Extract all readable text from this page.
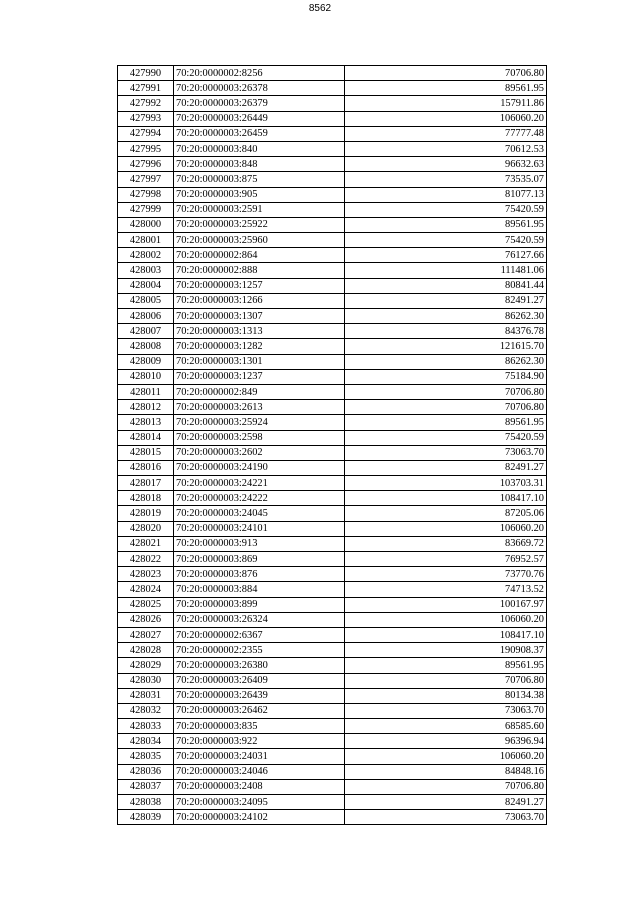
8562
427990	70:20:0000002:8256	70706.80
427991	70:20:0000003:26378	89561.95
427992	70:20:0000003:26379	157911.86
427993	70:20:0000003:26449	106060.20
427994	70:20:0000003:26459	77777.48
427995	70:20:0000003:840	70612.53
427996	70:20:0000003:848	96632.63
427997	70:20:0000003:875	73535.07
427998	70:20:0000003:905	81077.13
427999	70:20:0000003:2591	75420.59
428000	70:20:0000003:25922	89561.95
428001	70:20:0000003:25960	75420.59
428002	70:20:0000002:864	76127.66
428003	70:20:0000002:888	111481.06
428004	70:20:0000003:1257	80841.44
428005	70:20:0000003:1266	82491.27
428006	70:20:0000003:1307	86262.30
428007	70:20:0000003:1313	84376.78
428008	70:20:0000003:1282	121615.70
428009	70:20:0000003:1301	86262.30
428010	70:20:0000003:1237	75184.90
428011	70:20:0000002:849	70706.80
428012	70:20:0000003:2613	70706.80
428013	70:20:0000003:25924	89561.95
428014	70:20:0000003:2598	75420.59
428015	70:20:0000003:2602	73063.70
428016	70:20:0000003:24190	82491.27
428017	70:20:0000003:24221	103703.31
428018	70:20:0000003:24222	108417.10
428019	70:20:0000003:24045	87205.06
428020	70:20:0000003:24101	106060.20
428021	70:20:0000003:913	83669.72
428022	70:20:0000003:869	76952.57
428023	70:20:0000003:876	73770.76
428024	70:20:0000003:884	74713.52
428025	70:20:0000003:899	100167.97
428026	70:20:0000003:26324	106060.20
428027	70:20:0000002:6367	108417.10
428028	70:20:0000002:2355	190908.37
428029	70:20:0000003:26380	89561.95
428030	70:20:0000003:26409	70706.80
428031	70:20:0000003:26439	80134.38
428032	70:20:0000003:26462	73063.70
428033	70:20:0000003:835	68585.60
428034	70:20:0000003:922	96396.94
428035	70:20:0000003:24031	106060.20
428036	70:20:0000003:24046	84848.16
428037	70:20:0000003:2408	70706.80
428038	70:20:0000003:24095	82491.27
428039	70:20:0000003:24102	73063.70
